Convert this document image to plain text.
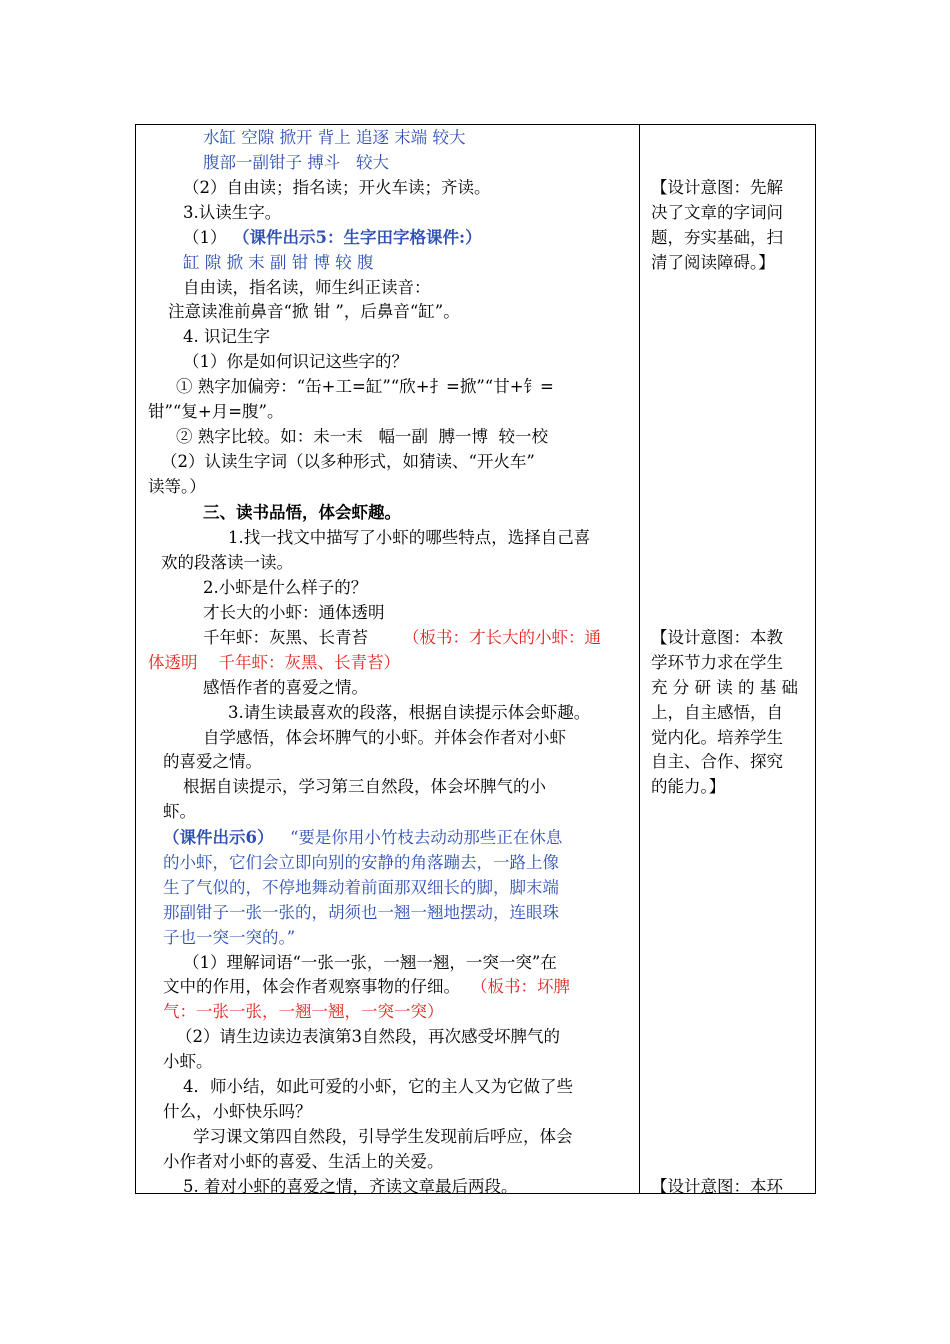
水缸 空隙 掀开 背上 追逐 末端 较大
腹部一副钳子 搏斗   较大
（2）自由读；指名读；开火车读；齐读。
3.认读生字。
（1） （课件出示5：生字田字格课件:）
缸 隙 掀 末 副 钳 博 较 腹
自由读，指名读，师生纠正读音：
注意读准前鼻音“掀 钳 ”，后鼻音“缸”。
4. 识记生字
（1）你是如何识记这些字的？
① 熟字加偏旁：“缶+工=缸”“欣+扌=掀”“甘+钅=
钳”“复+月=腹”。
② 熟字比较。如：未一末   幅一副  膊一博  较一校
（2）认读生字词（以多种形式，如猜读、“开火车”
读等。）
三、读书品悟，体会虾趣。
1.找一找文中描写了小虾的哪些特点，选择自己喜
欢的段落读一读。
2.小虾是什么样子的？
才长大的小虾：通体透明
千年虾：灰黑、长青苔 （板书：才长大的小虾：通
体透明    千年虾：灰黑、长青苔）
感悟作者的喜爱之情。
3.请生读最喜欢的段落，根据自读提示体会虾趣。
自学感悟，体会坏脾气的小虾。并体会作者对小虾
的喜爱之情。
根据自读提示，学习第三自然段，体会坏脾气的小
虾。
（课件出示6） “要是你用小竹枝去动动那些正在休息
的小虾，它们会立即向别的安静的角落蹦去，一路上像
生了气似的，不停地舞动着前面那双细长的脚，脚末端
那副钳子一张一张的，胡须也一翘一翘地摆动，连眼珠
子也一突一突的。”
（1）理解词语“一张一张，一翘一翘，一突一突”在
文中的作用，体会作者观察事物的仔细。 （板书：坏脾
气：一张一张，一翘一翘，一突一突）
（2）请生边读边表演第3自然段，再次感受坏脾气的
小虾。
4．师小结，如此可爱的小虾，它的主人又为它做了些
什么，小虾快乐吗？
学习课文第四自然段，引导学生发现前后呼应，体会
小作者对小虾的喜爱、生活上的关爱。
5. 着对小虾的喜爱之情，齐读文章最后两段。
【设计意图：先解
决了文章的字词问
题，夯实基础，扫
清了阅读障碍。】
【设计意图：本教
学环节力求在学生
充 分 研 读 的 基 础
上，自主感悟，自
觉内化。培养学生
自主、合作、探究
的能力。】
【设计意图：本环
